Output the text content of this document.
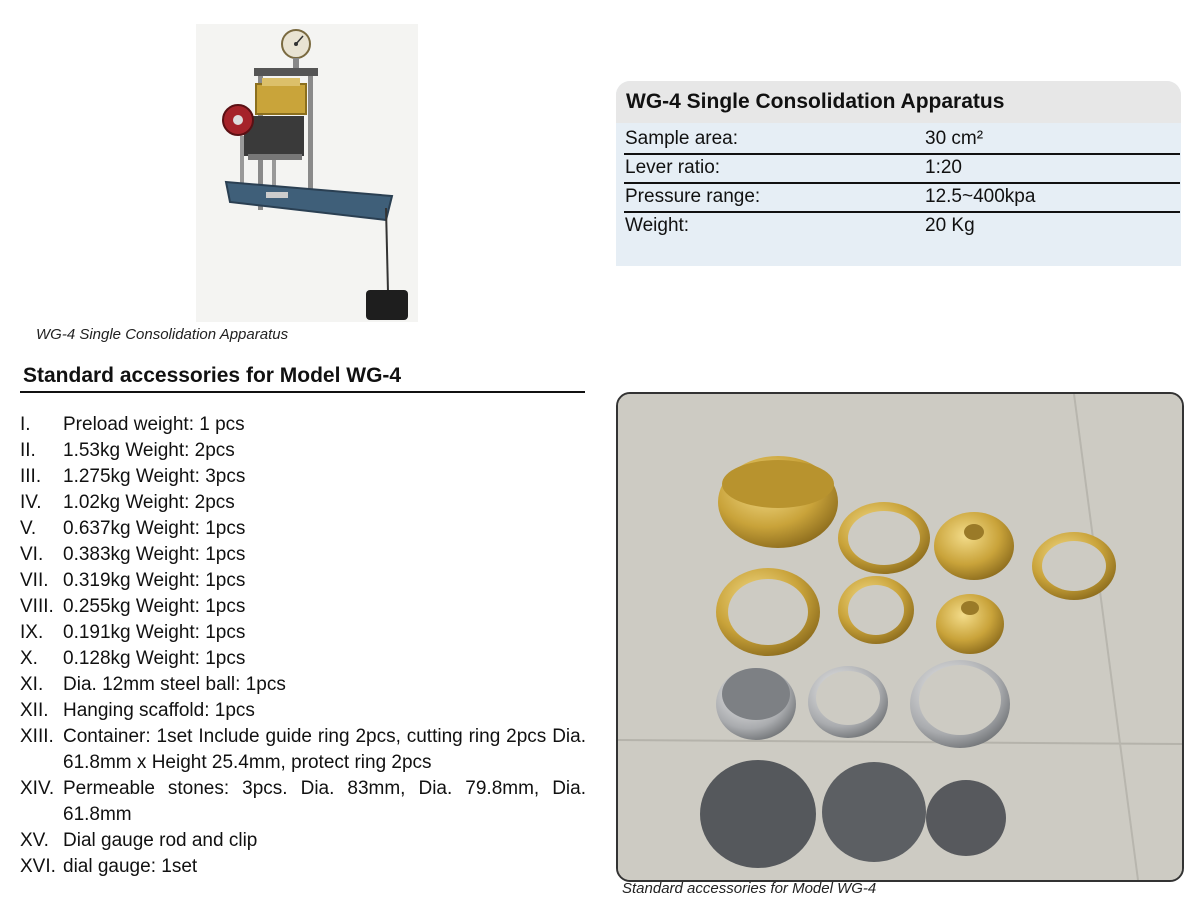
WG-4 Single Consolidation Apparatus
WG-4 Single Consolidation Apparatus
Sample area:	30 cm²
Lever ratio:	1:20
Pressure range:	12.5~400kpa
Weight:	20 Kg
Standard accessories for Model WG-4
I.	Preload weight: 1 pcs
II.	1.53kg Weight: 2pcs
III.	1.275kg Weight: 3pcs
IV.	1.02kg Weight: 2pcs
V.	0.637kg Weight: 1pcs
VI.	0.383kg Weight: 1pcs
VII. 0.319kg Weight: 1pcs
VIII. 0.255kg Weight: 1pcs
IX.	0.191kg Weight: 1pcs
X.	0.128kg Weight: 1pcs
XI.	Dia. 12mm steel ball: 1pcs
XII. Hanging scaffold: 1pcs
XIII. Container: 1set Include guide ring 2pcs, cutting ring 2pcs Dia. 61.8mm x Height 25.4mm, protect ring 2pcs
XIV. Permeable stones: 3pcs. Dia. 83mm, Dia. 79.8mm, Dia. 61.8mm
XV. Dial gauge rod and clip
XVI. dial gauge: 1set
Standard accessories for Model WG-4
